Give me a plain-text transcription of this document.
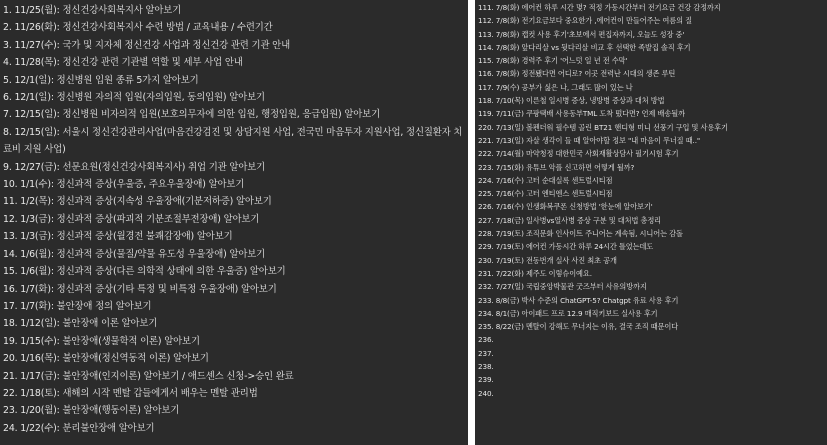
1. 11/25(월): 정신건강사회복지사 알아보기
2. 11/26(화): 정신건강사회복지사 수련 방법 / 교육내용 / 수련기간
3. 11/27(수): 국가 및 지자체 정신건강 사업과 정신건강 관련 기관 안내
4. 11/28(목): 정신건강 관련 기관별 역할 및 세부 사업 안내
5. 12/1(일): 정신병원 입원 종류 5가지 알아보기
6. 12/1(일): 정신병원 자의적 입원(자의입원, 동의입원) 알아보기
7. 12/15(일): 정신병원 비자의적 입원(보호의무자에 의한 입원, 행정입원, 응급입원) 알아보기
8. 12/15(일): 서울시 정신건강관리사업(마음건강검진 및 상담지원 사업, 전국민 마음투자 지원사업, 정신질환자 치료비 지원 사업)
9. 12/27(금): 선문요원(정신건강사회복지사) 취업 기관 알아보기
10. 1/1(수): 정신과적 증상(우울증, 주요우울장애) 알아보기
11. 1/2(목): 정신과적 증상(지속성 우울장애(기분저하증) 알아보기
12. 1/3(금): 정신과적 증상(파괴적 기분조절부전장애) 알아보기
13. 1/3(금): 정신과적 증상(월경전 불쾌감장애) 알아보기
14. 1/6(월): 정신과적 증상(물질/약물 유도성 우울장애) 알아보기
15. 1/6(월): 정신과적 증상(다른 의학적 상태에 의한 우울증) 알아보기
16. 1/7(화): 정신과적 증상(기타 특정 및 비특정 우울장애) 알아보기
17. 1/7(화): 불안장애 정의 알아보기
18. 1/12(일): 불안장애 이론 알아보기
19. 1/15(수): 불안장애(생물학적 이론) 알아보기
20. 1/16(목): 불안장애(정신역동적 이론) 알아보기
21. 1/17(금): 불안장애(인지이론) 알아보기 / 애드센스 신청->승인 완료
22. 1/18(토): 새해의 시작 멘탈 갑들에게서 배우는 멘탈 관리법
23. 1/20(월): 불안장애(행동이론) 알아보기
24. 1/22(수): 분리불안장애 알아보기
111. 7/8(화) 에어컨 하루 시간 몇? 적정 가동시간부터 전기요금 건강 감정까지
112. 7/8(화) 전기요금보다 중요한가 ,에어컨이 만들어주는 여름의 질
113. 7/8(화) 캡컷 사용 후기'초보에서 편집자까지, 오늘도 성장 중'
114. 7/8(화) 앞다리살 vs 뒷다리살 비교 후 선택한 족발집 솔직 후기
115. 7/8(화) 경력주 후기 '어느덧 일 년 전 수막'
116. 7/8(화) 정전됐다면 어디로? 이곳 전력난 시대의 생존 루틴
117. 7/9(수) 공부가 싫은 나, 그래도 많이 있는 나
118. 7/10(목) 이른철 일시병 증상, 냉방병 증상과 대처 방법
119. 7/11(금) 쿠팡택배 사용동부TML 도착 떴다면? 언제 배송될까
220. 7/13(일) 볼펜더워 필수템 골린 BT21 핸디형 미니 선풍기 구입 및 사용후기
221. 7/13(일) 자살 생각이 들 때 알아야할 정보 "내 마음이 무너질 때.."
222. 7/14(월) 마약청정 대한민국 사회재활상담사 필기시험 후기
223. 7/15(화) 유튜브 악플 신고하면 어떻게 될까?
224. 7/16(수) 고터 순대실록 센트럴시티점
225. 7/16(수) 고터 엔티엔스 센트럴시티점
226. 7/16(수) 인생화복쿠폰 신청방법 '한눈에 알아보기'
227. 7/18(금) 일사병vs열사병 증상 구분 및 대처법 총정리
228. 7/19(토) 조직문화 인사이트 주니어는 계속됨, 시니어는 감돌
229. 7/19(토) 에어컨 가동시간 하루 24시간 틀었는데도
230. 7/19(토) 전동번개 실사 사진 최초 공개
231. 7/22(화) 제주도 이렇슈이예요.
232. 7/27(일) 국립중앙박물관 굿즈부터 사유의방까지
233. 8/8(금) 박사 수준의 ChatGPT-5? Chatgpt 유료 사용 후기
234. 8/1(금) 아이패드 프로 12.9 매직키보드 실사용 후기
235. 8/22(금) 멘탈이 강해도 무너지는 이유, 결국 조직 때문이다
236.
237.
238.
239.
240.
